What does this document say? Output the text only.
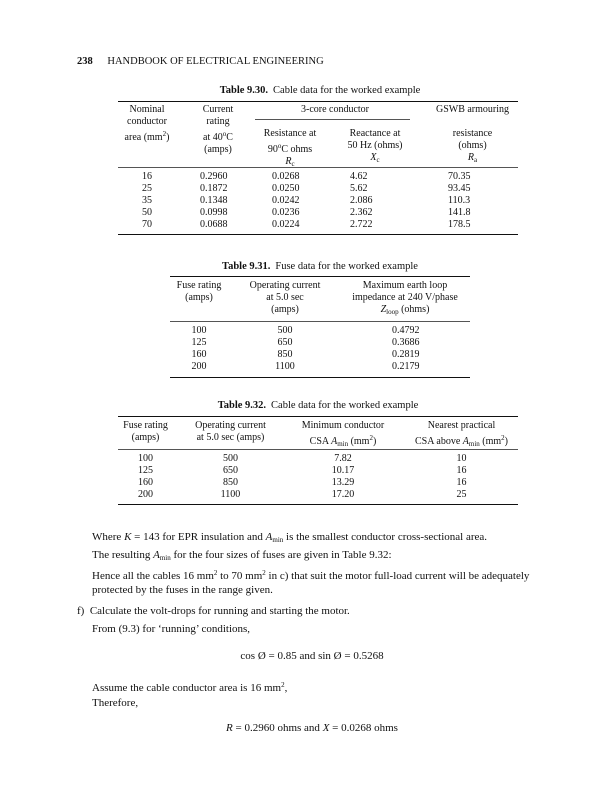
238 HANDBOOK OF ELECTRICAL ENGINEERING
Table 9.30. Cable data for the worked example
Nominal
conductor
area $(mm^2)$
Current
rating
at 40$^o$C
(amps)
3-core conductor	GSWB armouring
Resistance at
90$^o$C ohms
$R_c$
Reactance at
50 Hz (ohms)
$X_c$
resistance
(ohms)
$R_a$
16
25
35
50
70
0.2960
0.1872
0.1348
0.0998
0.0688
0.0268
0.0250
0.0242
0.0236
0.0224
4.62
5.62
2.086
2.362
2.722
70.35
93.45
110.3
141.8
178.5
Table 9.31. Fuse data for the worked example
Fuse rating
(amps)
Operating current
at 5.0 sec
(amps)
Maximum earth loop
impedance at 240 V/phase
$Z_{loop}$ (ohms)
100
125
160
200
500
650
850
1100
0.4792
0.3686
0.2819
0.2179
Table 9.32. Cable data for the worked example
Fuse rating
(amps)
Operating current
at 5.0 sec (amps)
Minimum conductor
CSA $A_{min}$ $(mm^2)$
Nearest practical
CSA above $A_{min}$ $(mm^2)$
100
125
160
200
500
650
850
1100
7.82
10.17
13.29
17.20
10
16
16
25
Where K = 143 for EPR insulation and $A_{min}$ is the smallest conductor cross-sectional area.
The resulting $A_{min}$ for the four sizes of fuses are given in Table 9.32:
Hence all the cables 16 $mm^2$ to 70 $mm^2$ in c) that suit the motor full-load current will be adequately protected by the fuses in the range given.
f) Calculate the volt-drops for running and starting the motor.
From (9.3) for ‘running’ conditions,
cos Ø = 0.85 and sin Ø = 0.5268
Assume the cable conductor area is 16 $mm^2$,
Therefore,
R = 0.2960 ohms and X = 0.0268 ohms
